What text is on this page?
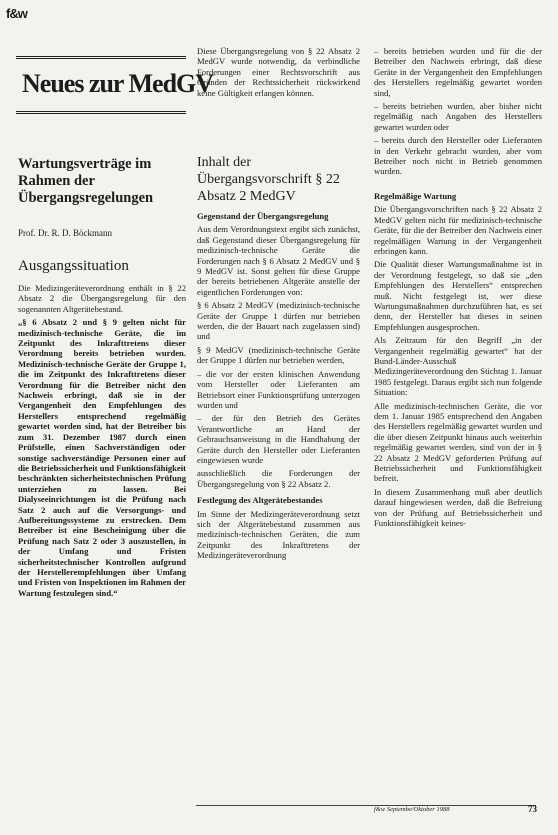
f&w
Neues zur MedGV
Wartungsverträge im Rahmen der Übergangsregelungen
Prof. Dr. R. D. Böckmann
Ausgangssituation

Die Medizingeräteverordnung enthält in § 22 Absatz 2 die Übergangsregelung für den sogenannten Altgerätebestand.

„§ 6 Absatz 2 und § 9 gelten nicht für medizinisch-technische Geräte, die im Zeitpunkt des Inkrafttretens dieser Verordnung bereits betrieben wurden. Medizinisch-technische Geräte der Gruppe 1, die im Zeitpunkt des Inkrafttretens dieser Verordnung für die Betreiber nicht den Nachweis erbringt, daß sie in der Vergangenheit den Empfehlungen des Herstellers entsprechend regelmäßig gewartet worden sind, hat der Betreiber bis zum 31. Dezember 1987 durch einen Prüfstelle, einen Sachverständigen oder sonstige sachverständige Personen einer auf die Betriebssicherheit und Funktionsfähigkeit beschränkten sicherheitstechnischen Prüfung unterziehen zu lassen. Bei Dialyseeinrichtungen ist die Prüfung nach Satz 2 auch auf die Versorgungs- und Aufbereitungssysteme zu erstrecken. Dem Betreiber ist eine Bescheinigung über die Prüfung nach Satz 2 oder 3 auszustellen, in der Umfang und Fristen sicherheitstechnischer Kontrollen aufgrund der Herstellerempfehlungen über Umfang und Fristen von Inspektionen im Rahmen der Wartung festzulegen sind.“

Diese Übergangsregelung von § 22 Absatz 2 MedGV wurde notwendig, da verbindliche Forderungen einer Rechtsvorschrift aus Gründen der Rechtssicherheit rückwirkend keine Gültigkeit erlangen können.

Inhalt der Übergangsvorschrift § 22 Absatz 2 MedGV

Gegenstand der Übergangsregelung

Aus dem Verordnungstext ergibt sich zunächst, daß Gegenstand dieser Übergangsregelung für medizinisch-technische Geräte die Forderungen nach § 6 Absatz 2 MedGV und § 9 MedGV ist. Sonst gelten für diese Gruppe der bereits betriebenen Altgeräte anstelle der eigentlichen Forderungen von:

§ 6 Absatz 2 MedGV (medizinisch-technische Geräte der Gruppe 1 dürfen nur betrieben werden, die der Bauart nach zugelassen sind) und

§ 9 MedGV (medizinisch-technische Geräte der Gruppe 1 dürfen nur betrieben werden,

– die vor der ersten klinischen Anwendung vom Hersteller oder Lieferanten am Betriebsort einer Funktionsprüfung unterzogen wurden und

– der für den Betrieb des Gerätes Verantwortliche an Hand der Gebrauchsanweisung in die Handhabung der Geräte durch den Hersteller oder Lieferanten eingewiesen wurde

ausschließlich die Forderungen der Übergangsregelung von § 22 Absatz 2.

Festlegung des Altgerätebestandes

Im Sinne der Medizingeräteverordnung setzt sich der Altgerätebestand zusammen aus medizinisch-technischen Geräten, die zum Zeitpunkt des Inkrafttretens der Medizingeräteverordnung

– bereits betrieben wurden und für die der Betreiber den Nachweis erbringt, daß diese Geräte in der Vergangenheit den Empfehlungen des Herstellers regelmäßig gewartet worden sind,

– bereits betrieben wurden, aber bisher nicht regelmäßig nach Angaben des Herstellers gewartet wurden oder

– bereits durch den Hersteller oder Lieferanten in den Verkehr gebracht wurden, aber vom Betreiber noch nicht in Betrieb genommen wurden.

Regelmäßige Wartung

Die Übergangsvorschriften nach § 22 Absatz 2 MedGV gelten nicht für medizinisch-technische Geräte, für die der Betreiber den Nachweis einer regelmäßigen Wartung in der Vergangenheit erbringen kann.

Die Qualität dieser Wartungsmaßnahme ist in der Verordnung festgelegt, so daß sie „den Empfehlungen des Herstellers“ entsprechen muß. Nicht festgelegt ist, wer diese Wartungsmaßnahmen durchzuführen hat, es sei denn, der Hersteller hat dieses in seinen Empfehlungen ausgesprochen.

Als Zeitraum für den Begriff „in der Vergangenheit regelmäßig gewartet“ hat der Bund-Länder-Ausschuß Medizingeräteverordnung den Stichtag 1. Januar 1985 festgelegt. Daraus ergibt sich nun folgende Situation:

Alle medizinisch-technischen Geräte, die vor dem 1. Januar 1985 entsprechend den Angaben des Herstellers regelmäßig gewartet wurden und die über diesen Zeitpunkt hinaus auch weiterhin regelmäßig gewartet werden, sind von der in § 22 Absatz 2 MedGV geforderten Prüfung auf Betriebssicherheit und Funktionsfähigkeit befreit.

In diesem Zusammenhang muß aber deutlich darauf hingewiesen werden, daß die Befreiung von der Prüfung auf Betriebssicherheit und Funktionsfähigkeit keines-

f&w Septembe/Oktober 1988	73
